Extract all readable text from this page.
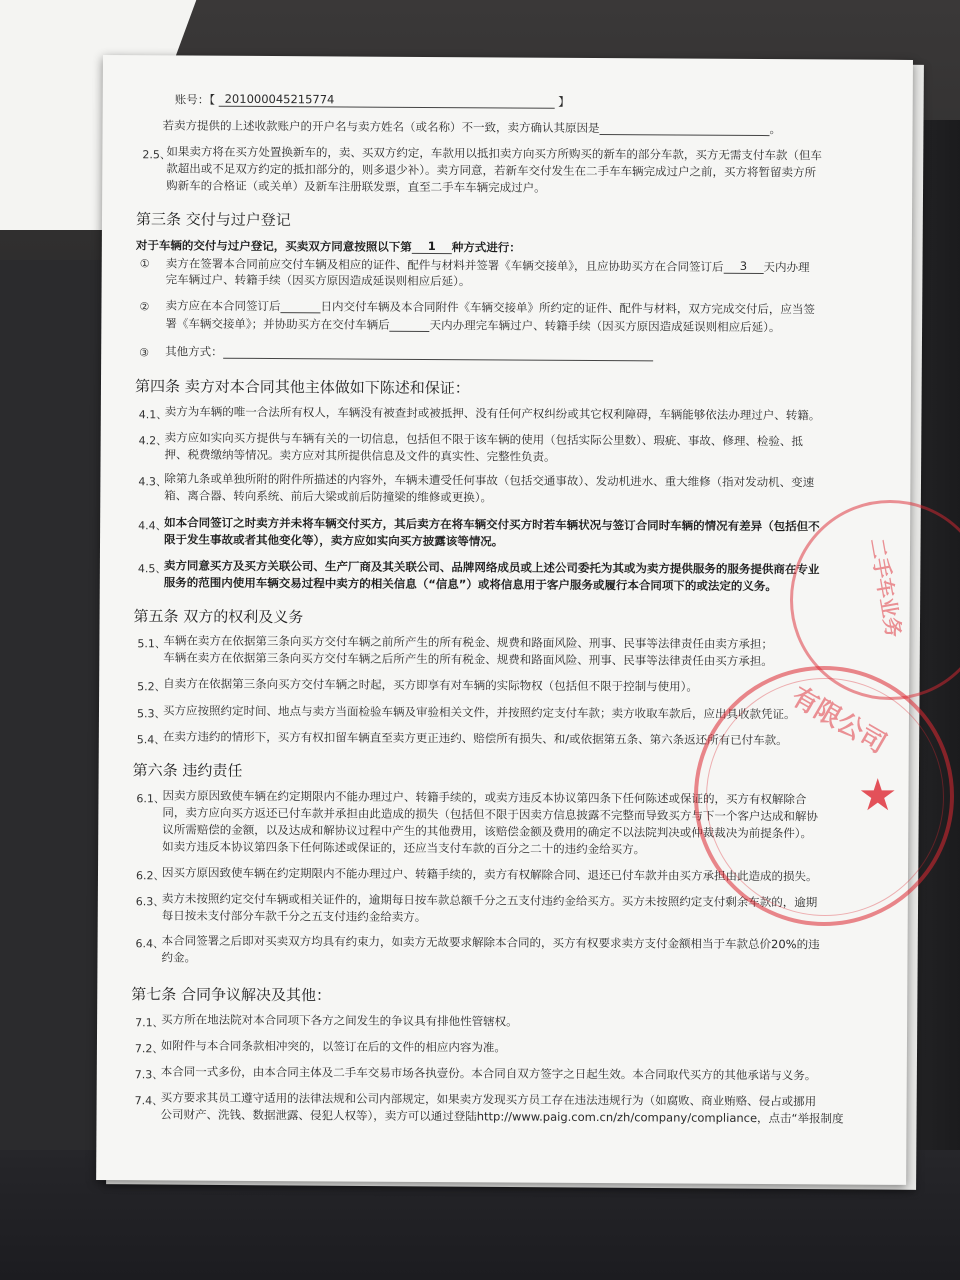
账号：【 201000045215774	】
若卖方提供的上述收款账户的开户名与卖方姓名（或名称）不一致，卖方确认其原因是	。
2.5、
如果卖方将在买方处置换新车的，卖、买双方约定，车款用以抵扣卖方向买方所购买的新车的部分车款，买方无需支付车款（但车
款超出或不足双方约定的抵扣部分的，则多退少补）。卖方同意，若新车交付发生在二手车车辆完成过户之前，买方将暂留卖方所
购新车的合格证（或关单）及新车注册联发票，直至二手车车辆完成过户。
第三条 交付与过户登记
对于车辆的交付与过户登记，买卖双方同意按照以下第 1 种方式进行：
① 卖方在签署本合同前应交付车辆及相应的证件、配件与材料并签署《车辆交接单》，且应协助买方在合同签订后 3 天内办理
完车辆过户、转籍手续（因买方原因造成延误则相应后延）。
② 卖方应在本合同签订后	日内交付车辆及本合同附件《车辆交接单》所约定的证件、配件与材料，双方完成交付后，应当签
署《车辆交接单》；并协助买方在交付车辆后	天内办理完车辆过户、转籍手续（因买方原因造成延误则相应后延）。
③ 其他方式：
第四条 卖方对本合同其他主体做如下陈述和保证：
4.1、
卖方为车辆的唯一合法所有权人，车辆没有被查封或被抵押、没有任何产权纠纷或其它权利障碍，车辆能够依法办理过户、转籍。
4.2、
卖方应如实向买方提供与车辆有关的一切信息，包括但不限于该车辆的使用（包括实际公里数）、瑕疵、事故、修理、检验、抵
押、税费缴纳等情况。卖方应对其所提供信息及文件的真实性、完整性负责。
4.3、
除第九条或单独所附的附件所描述的内容外，车辆未遭受任何事故（包括交通事故）、发动机进水、重大维修（指对发动机、变速
箱、离合器、转向系统、前后大梁或前后防撞梁的维修或更换）。
4.4、
如本合同签订之时卖方并未将车辆交付买方，其后卖方在将车辆交付买方时若车辆状况与签订合同时车辆的情况有差异（包括但不
限于发生事故或者其他变化等），卖方应如实向买方披露该等情况。
4.5、
卖方同意买方及买方关联公司、生产厂商及其关联公司、品牌网络成员或上述公司委托为其或为卖方提供服务的服务提供商在专业
服务的范围内使用车辆交易过程中卖方的相关信息（“信息”）或将信息用于客户服务或履行本合同项下的或法定的义务。
第五条 双方的权利及义务
5.1、
车辆在卖方在依据第三条向买方交付车辆之前所产生的所有税金、规费和路面风险、刑事、民事等法律责任由卖方承担；
车辆在卖方在依据第三条向买方交付车辆之后所产生的所有税金、规费和路面风险、刑事、民事等法律责任由买方承担。
5.2、
自卖方在依据第三条向买方交付车辆之时起，买方即享有对车辆的实际物权（包括但不限于控制与使用）。
5.3、
买方应按照约定时间、地点与卖方当面检验车辆及审验相关文件，并按照约定支付车款；卖方收取车款后，应出具收款凭证。
5.4、
在卖方违约的情形下，买方有权扣留车辆直至卖方更正违约、赔偿所有损失、和/或依据第五条、第六条返还所有已付车款。
第六条 违约责任
6.1、
因卖方原因致使车辆在约定期限内不能办理过户、转籍手续的，或卖方违反本协议第四条下任何陈述或保证的，买方有权解除合
同，卖方应向买方返还已付车款并承担由此造成的损失（包括但不限于因卖方信息披露不完整而导致买方与下一个客户达成和解协
议所需赔偿的金额，以及达成和解协议过程中产生的其他费用，该赔偿金额及费用的确定不以法院判决或仲裁裁决为前提条件）。
如卖方违反本协议第四条下任何陈述或保证的，还应当支付车款的百分之二十的违约金给买方。
6.2、
因买方原因致使车辆在约定期限内不能办理过户、转籍手续的，卖方有权解除合同、退还已付车款并由买方承担由此造成的损失。
6.3、
卖方未按照约定交付车辆或相关证件的，逾期每日按车款总额千分之五支付违约金给买方。买方未按照约定支付剩余车款的，逾期
每日按未支付部分车款千分之五支付违约金给卖方。
6.4、
本合同签署之后即对买卖双方均具有约束力，如卖方无故要求解除本合同的，买方有权要求卖方支付金额相当于车款总价20%的违
约金。
第七条 合同争议解决及其他：
7.1、
买方所在地法院对本合同项下各方之间发生的争议具有排他性管辖权。
7.2、
如附件与本合同条款相冲突的，以签订在后的文件的相应内容为准。
7.3、
本合同一式多份，由本合同主体及二手车交易市场各执壹份。本合同自双方签字之日起生效。本合同取代买方的其他承诺与义务。
7.4、
买方要求其员工遵守适用的法律法规和公司内部规定，如果卖方发现买方员工存在违法违规行为（如腐败、商业贿赂、侵占或挪用
公司财产、洗钱、数据泄露、侵犯人权等），卖方可以通过登陆http://www.paig.com.cn/zh/company/compliance，点击“举报制度
二手车业务
★
有限公司
